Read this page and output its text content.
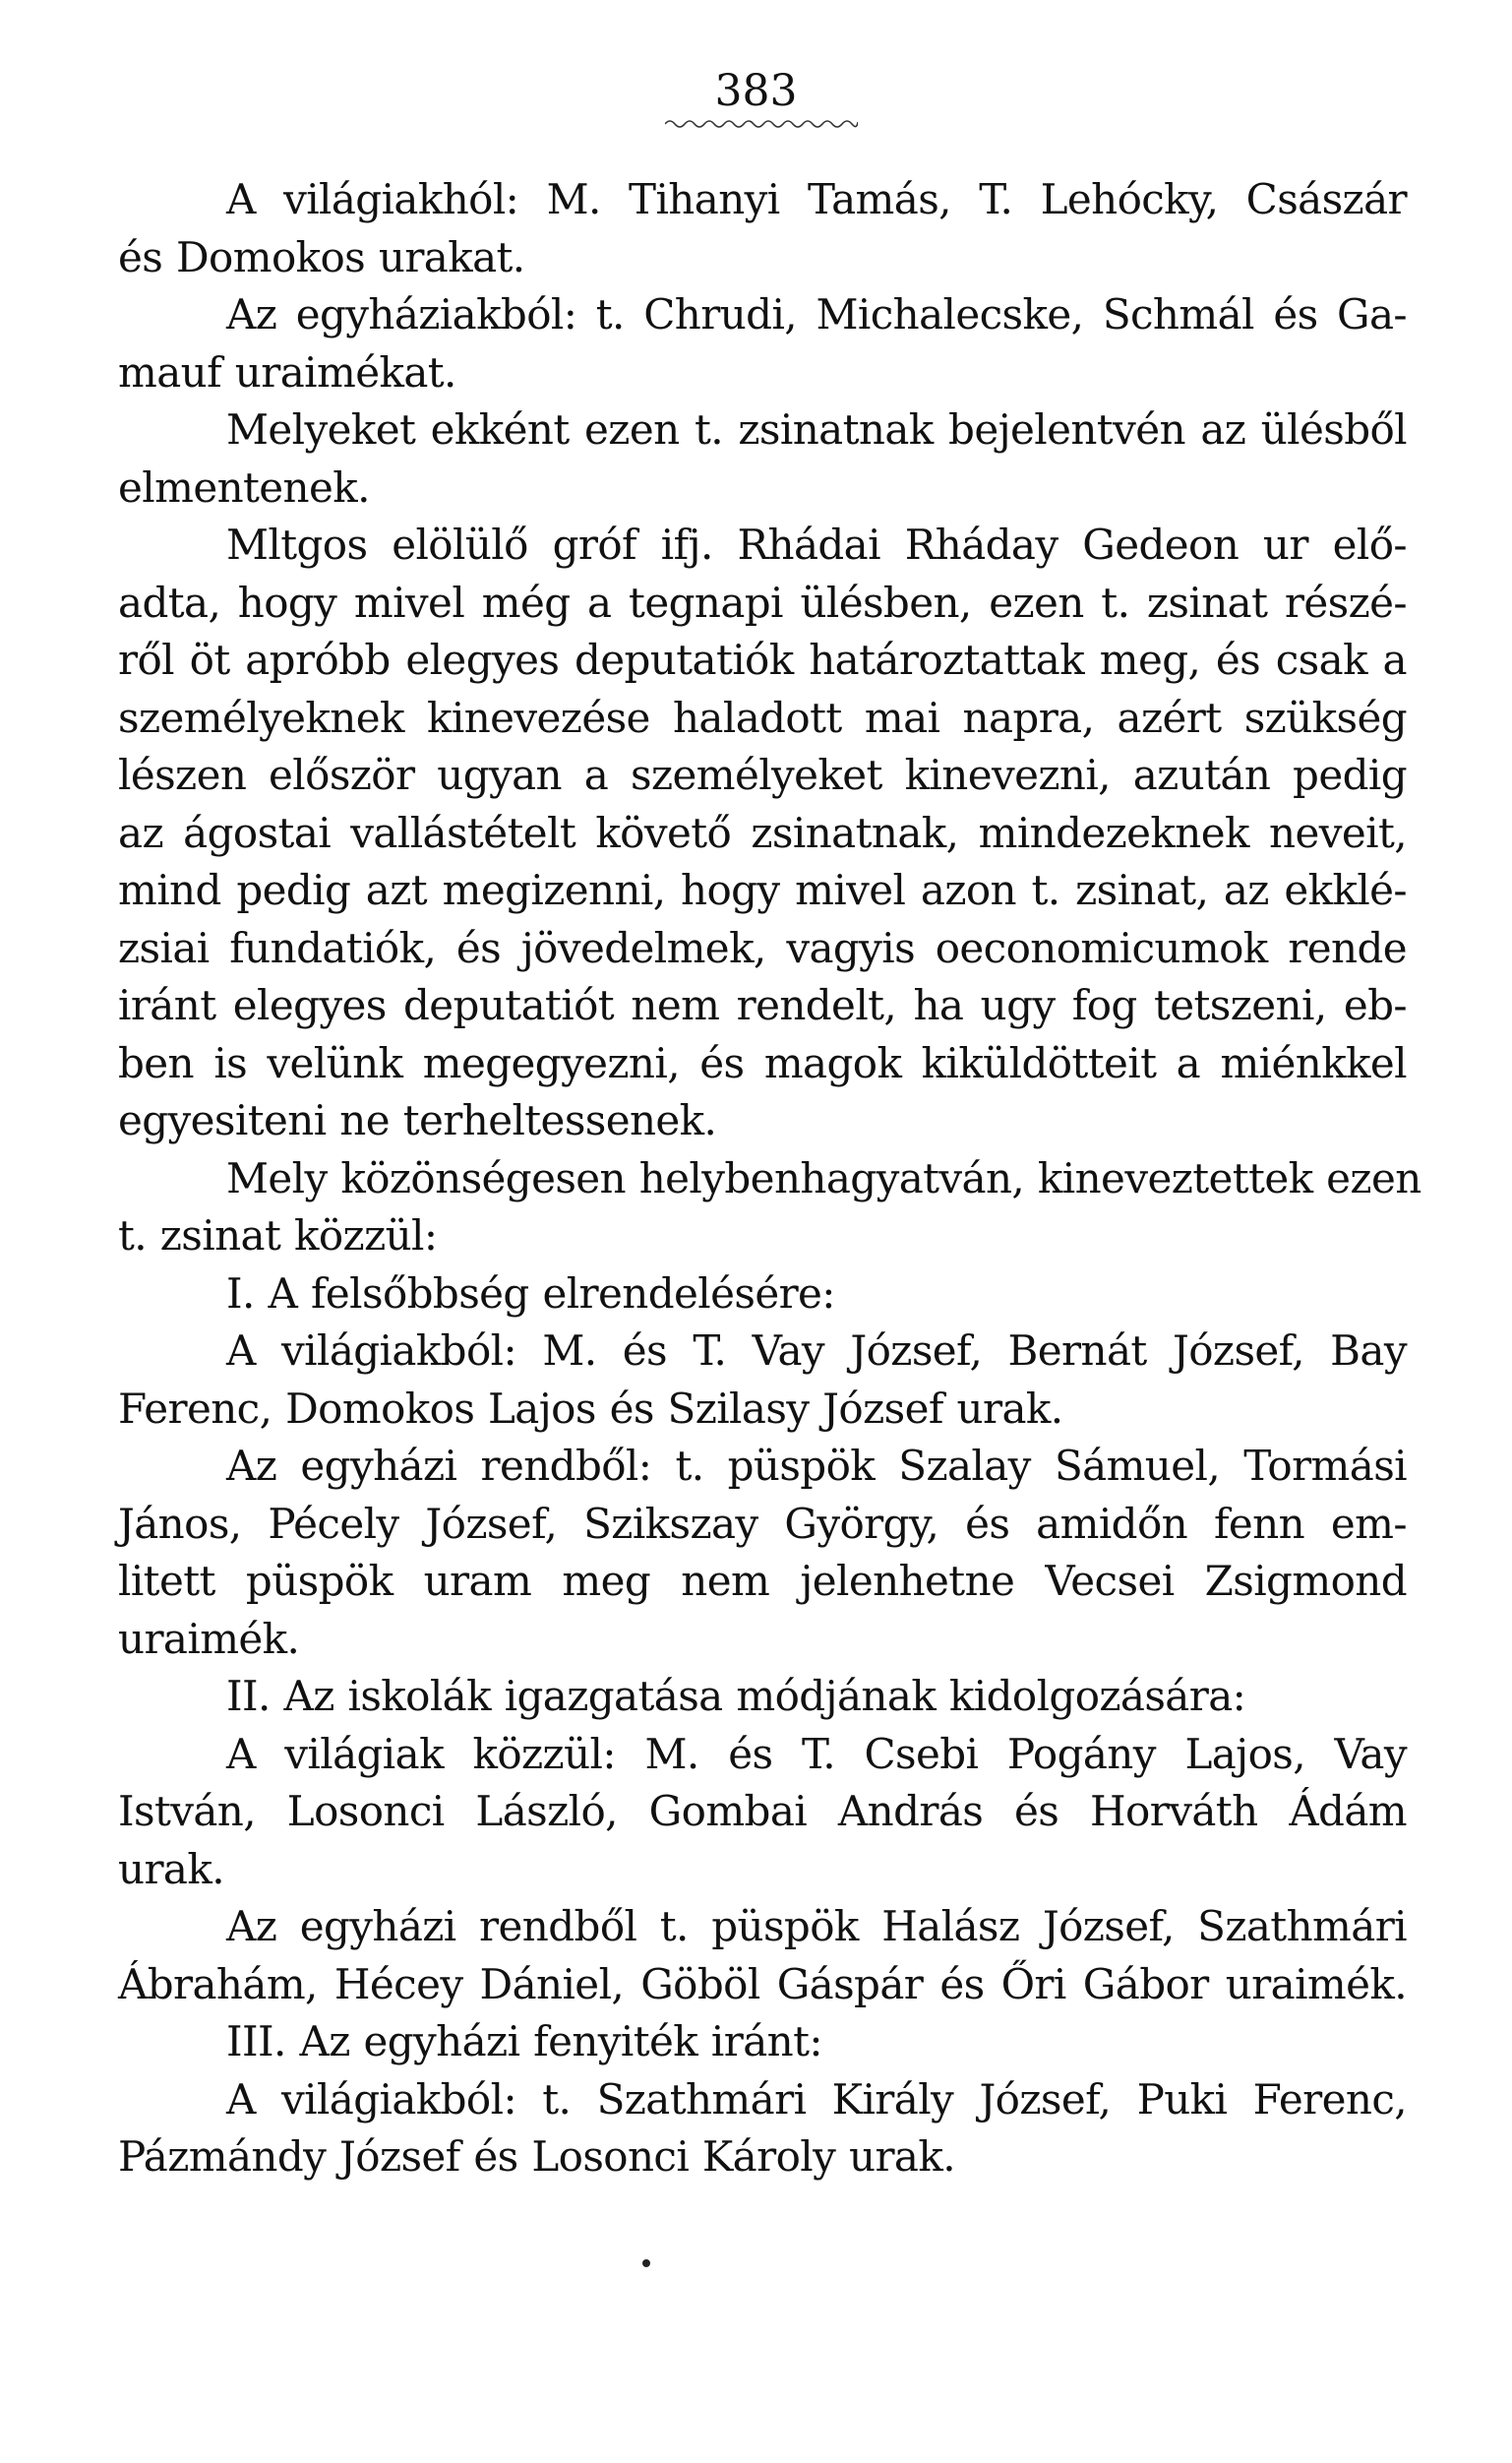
383
A világiakhól: M. Tihanyi Tamás, T. Lehócky, Császár
és Domokos urakat.
Az egyháziakból: t. Chrudi, Michalecske, Schmál és Ga-
mauf uraimékat.
Melyeket ekként ezen t. zsinatnak bejelentvén az ülésből
elmentenek.
Mltgos elölülő gróf ifj. Rhádai Rháday Gedeon ur elő-
adta, hogy mivel még a tegnapi ülésben, ezen t. zsinat részé-
ről öt apróbb elegyes deputatiók határoztattak meg, és csak a
személyeknek kinevezése haladott mai napra, azért szükség
lészen először ugyan a személyeket kinevezni, azután pedig
az ágostai vallástételt követő zsinatnak, mindezeknek neveit,
mind pedig azt megizenni, hogy mivel azon t. zsinat, az ekklé-
zsiai fundatiók, és jövedelmek, vagyis oeconomicumok rende
iránt elegyes deputatiót nem rendelt, ha ugy fog tetszeni, eb-
ben is velünk megegyezni, és magok kiküldötteit a miénkkel
egyesiteni ne terheltessenek.
Mely közönségesen helybenhagyatván, kineveztettek ezen
t. zsinat közzül:
I. A felsőbbség elrendelésére:
A világiakból: M. és T. Vay József, Bernát József, Bay
Ferenc, Domokos Lajos és Szilasy József urak.
Az egyházi rendből: t. püspök Szalay Sámuel, Tormási
János, Pécely József, Szikszay György, és amidőn fenn em-
litett püspök uram meg nem jelenhetne Vecsei Zsigmond
uraimék.
II. Az iskolák igazgatása módjának kidolgozására:
A világiak közzül: M. és T. Csebi Pogány Lajos, Vay
István, Losonci László, Gombai András és Horváth Ádám
urak.
Az egyházi rendből t. püspök Halász József, Szathmári
Ábrahám, Hécey Dániel, Göböl Gáspár és Őri Gábor uraimék.
III. Az egyházi fenyiték iránt:
A világiakból: t. Szathmári Király József, Puki Ferenc,
Pázmándy József és Losonci Károly urak.
